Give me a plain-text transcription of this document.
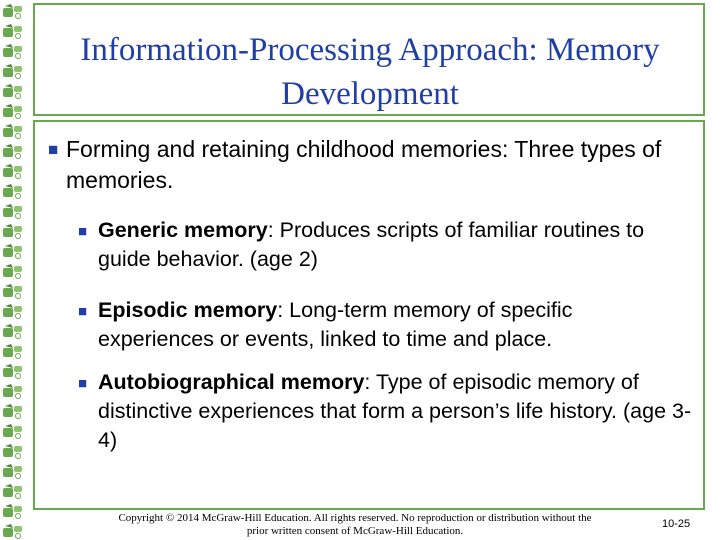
Information-Processing Approach: Memory
Development
■ Forming and retaining childhood memories: Three types of memories.
■ Generic memory: Produces scripts of familiar routines to guide behavior. (age 2)
■ Episodic memory: Long-term memory of specific experiences or events, linked to time and place.
■ Autobiographical memory: Type of episodic memory of distinctive experiences that form a person’s life history. (age 3-4)
Copyright © 2014 McGraw-Hill Education. All rights reserved. No reproduction or distribution without the
prior written consent of McGraw-Hill Education.
10-25
